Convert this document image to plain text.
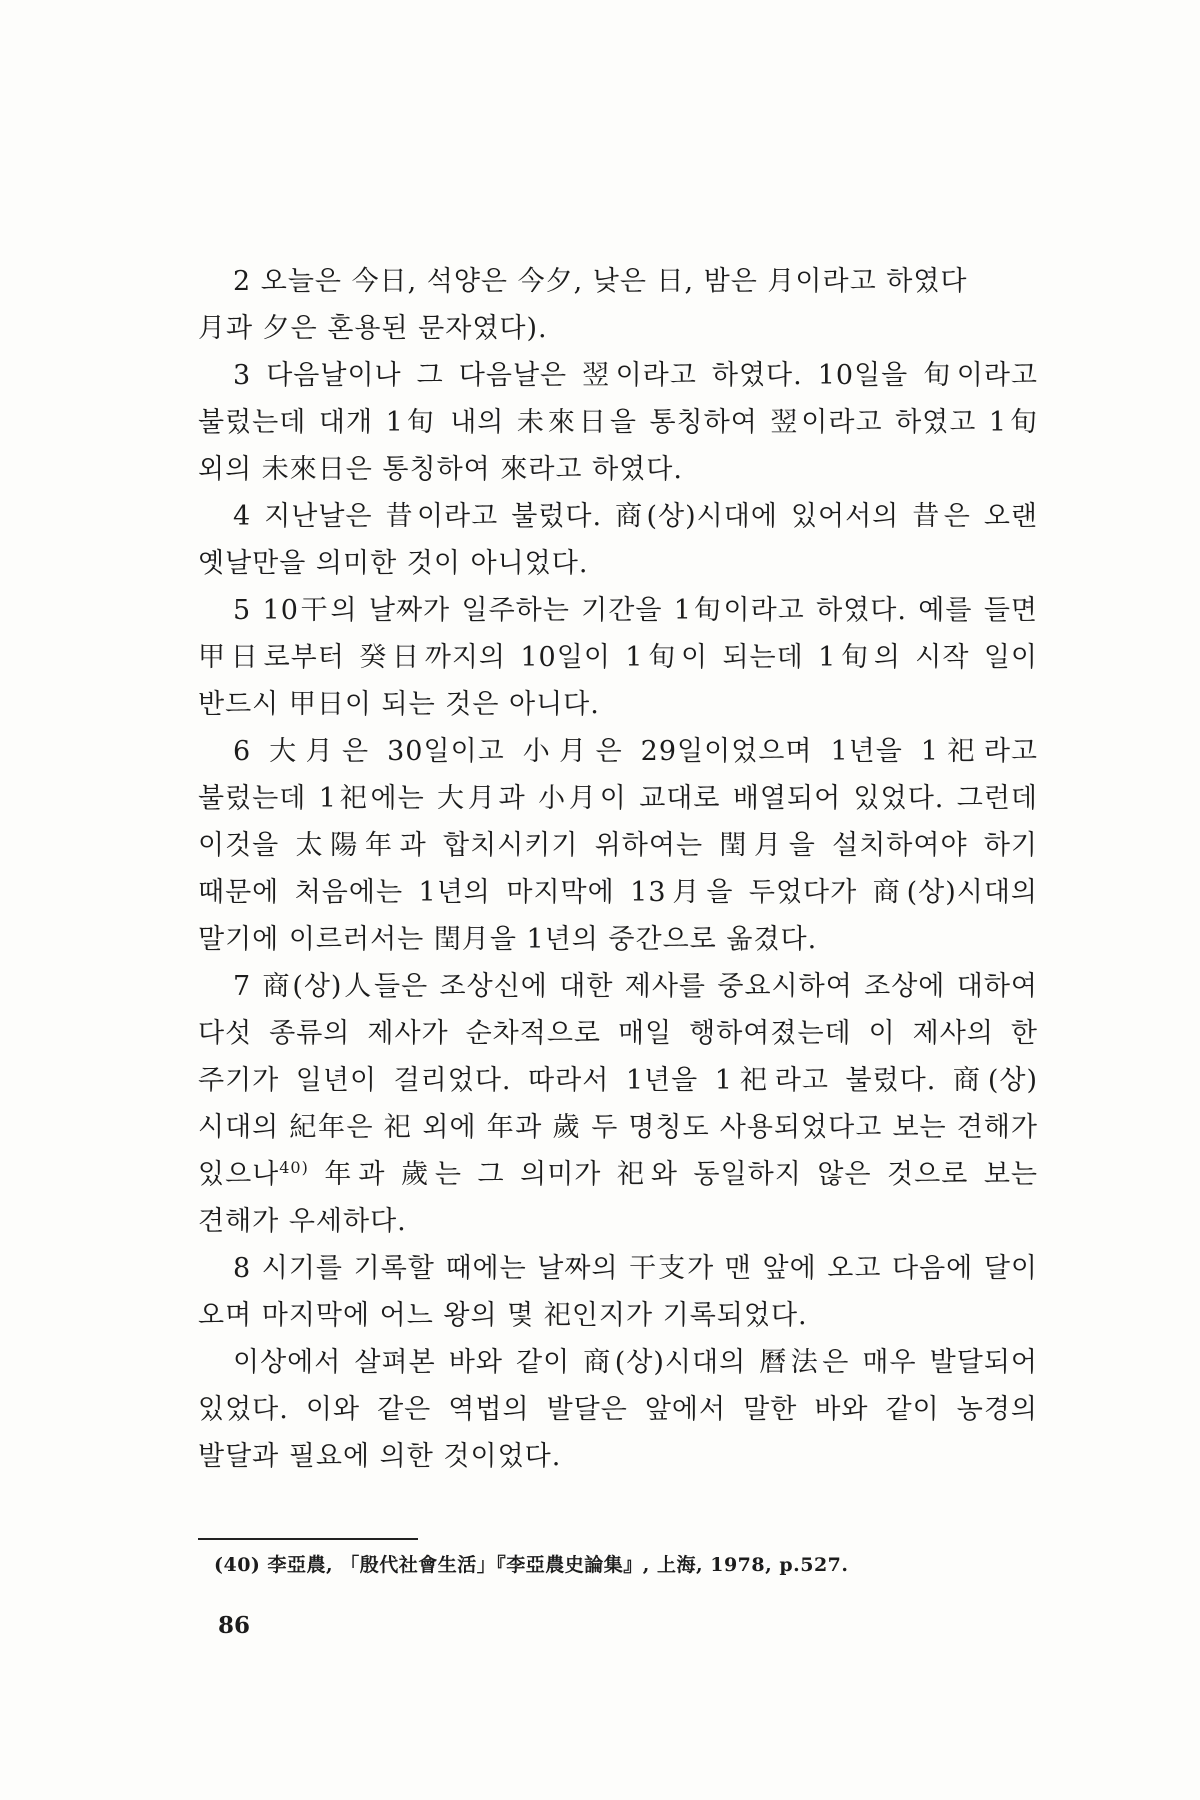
2 오늘은 今日, 석양은 今夕, 낮은 日, 밤은 月이라고 하였다

月과 夕은 혼용된 문자였다).

3 다음날이나 그 다음날은 翌이라고 하였다. 10일을 旬이라고 불렀는데 대개 1旬 내의 未來日을 통칭하여 翌이라고 하였고 1旬 외의 未來日은 통칭하여 來라고 하였다.

4 지난날은 昔이라고 불렀다. 商(상)시대에 있어서의 昔은 오랜 옛날만을 의미한 것이 아니었다.

5 10干의 날짜가 일주하는 기간을 1旬이라고 하였다. 예를 들면 甲日로부터 癸日까지의 10일이 1旬이 되는데 1旬의 시작 일이 반드시 甲日이 되는 것은 아니다.

6 大月은 30일이고 小月은 29일이었으며 1년을 1祀라고 불렀는데 1祀에는 大月과 小月이 교대로 배열되어 있었다. 그런데 이것을 太陽年과 합치시키기 위하여는 閏月을 설치하여야 하기 때문에 처음에는 1년의 마지막에 13月을 두었다가 商(상)시대의 말기에 이르러서는 閏月을 1년의 중간으로 옮겼다.

7 商(상)人들은 조상신에 대한 제사를 중요시하여 조상에 대하여 다섯 종류의 제사가 순차적으로 매일 행하여졌는데 이 제사의 한 주기가 일년이 걸리었다. 따라서 1년을 1祀라고 불렀다. 商(상)시대의 紀年은 祀 외에 年과 歲 두 명칭도 사용되었다고 보는 견해가 있으나$^{40)}$ 年과 歲는 그 의미가 祀와 동일하지 않은 것으로 보는 견해가 우세하다.

8 시기를 기록할 때에는 날짜의 干支가 맨 앞에 오고 다음에 달이 오며 마지막에 어느 왕의 몇 祀인지가 기록되었다.

이상에서 살펴본 바와 같이 商(상)시대의 曆法은 매우 발달되어 있었다. 이와 같은 역법의 발달은 앞에서 말한 바와 같이 농경의 발달과 필요에 의한 것이었다.

(40) 李亞農, 「殷代社會生活」『李亞農史論集』, 上海, 1978, p.527.
86
